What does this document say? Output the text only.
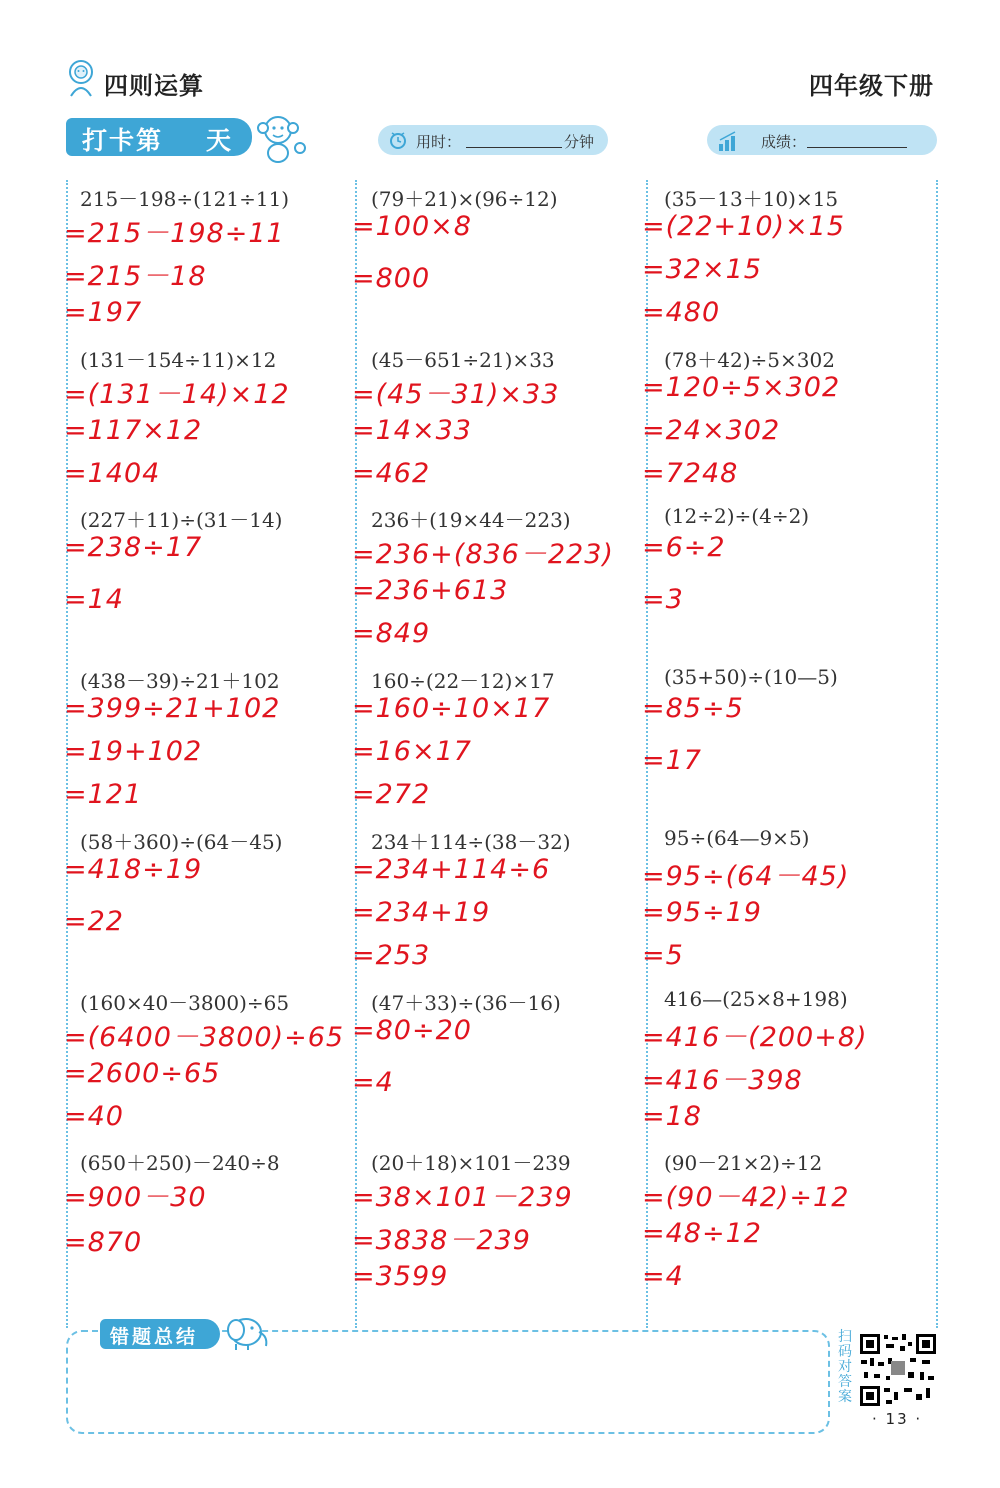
四则运算	四年级下册
打卡第 天	用时：	分钟	成绩：
215－198÷(121÷11)
=215－198÷11
=215－18
=197
(79＋21)×(96÷12)
=100×8
=800
(35－13＋10)×15
=(22+10)×15
=32×15
=480
(131－154÷11)×12
=(131－14)×12
=117×12
=1404
(45－651÷21)×33
=(45－31)×33
=14×33
=462
(78＋42)÷5×302
=120÷5×302
=24×302
=7248
(227＋11)÷(31－14)
=238÷17
=14
236＋(19×44－223)
=236+(836－223)
=236+613
=849
(12÷2)÷(4÷2)
=6÷2
=3
(438－39)÷21＋102
=399÷21+102
=19+102
=121
160÷(22－12)×17
=160÷10×17
=16×17
=272
(35+50)÷(10—5)
=85÷5
=17
(58＋360)÷(64－45)
=418÷19
=22
234＋114÷(38－32)
=234+114÷6
=234+19
=253
95÷(64—9×5)
=95÷(64－45)
=95÷19
=5
(160×40－3800)÷65
=(6400－3800)÷65
=2600÷65
=40
(47＋33)÷(36－16)
=80÷20
=4
416—(25×8+198)
=416－(200+8)
=416－398
=18
(650＋250)－240÷8
=900－30
=870
(20＋18)×101－239
=38×101－239
=3838－239
=3599
(90－21×2)÷12
=(90－42)÷12
=48÷12
=4
错题总结	扫码对答案
· 13 ·
